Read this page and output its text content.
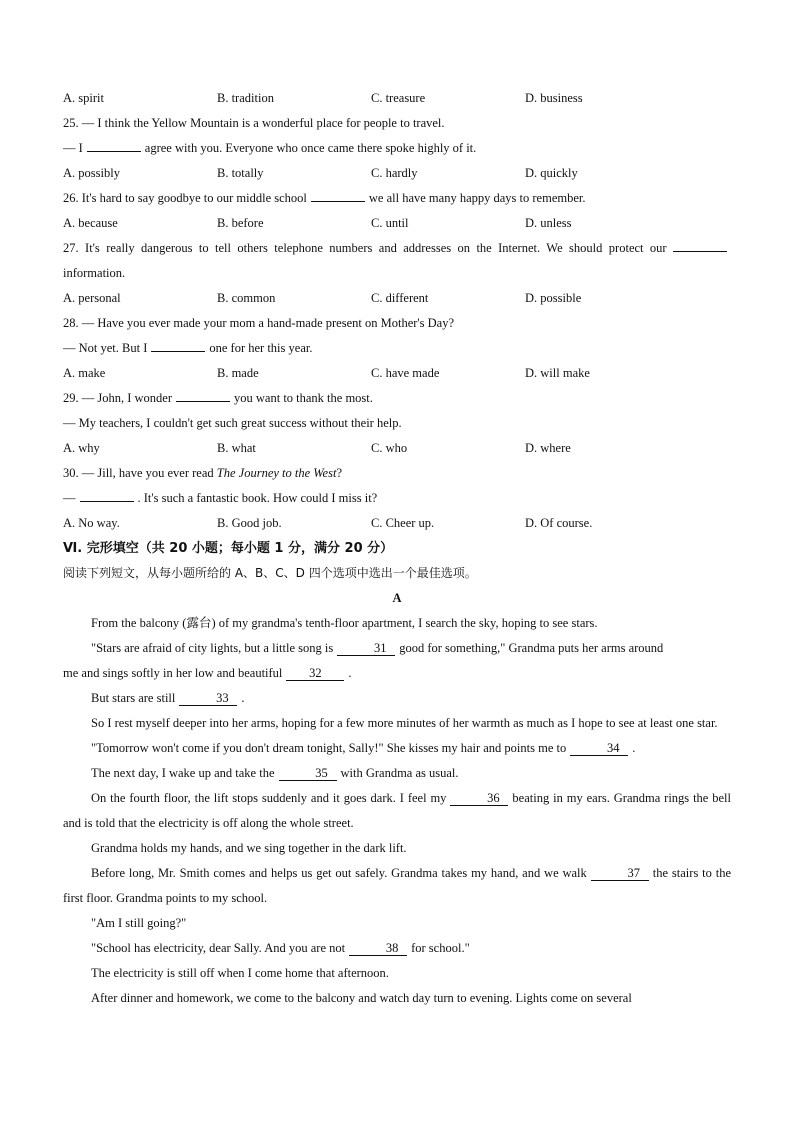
A. spirit	B. tradition	C. treasure	D. business
25. — I think the Yellow Mountain is a wonderful place for people to travel.
— I	agree with you. Everyone who once came there spoke highly of it.
A. possibly	B. totally	C. hardly	D. quickly
26. It's hard to say goodbye to our middle school	we all have many happy days to remember.
A. because	B. before	C. until	D. unless
27. It's really dangerous to tell others telephone numbers and addresses on the Internet. We should protect our information.
A. personal	B. common	C. different	D. possible
28. — Have you ever made your mom a hand-made present on Mother's Day?
— Not yet. But I	one for her this year.
A. make	B. made	C. have made	D. will make
29. — John, I wonder	you want to thank the most.
— My teachers, I couldn't get such great success without their help.
A. why	B. what	C. who	D. where
30. — Jill, have you ever read The Journey to the West?
—	. It's such a fantastic book. How could I miss it?
A. No way.	B. Good job.	C. Cheer up.	D. Of course.
Ⅵ. 完形填空（共 20 小题；每小题 1 分，满分 20 分）
阅读下列短文，从每小题所给的 A、B、C、D 四个选项中选出一个最佳选项。
A
From the balcony (露台) of my grandma's tenth-floor apartment, I search the sky, hoping to see stars.
"Stars are afraid of city lights, but a little song is	31 good for something," Grandma puts her arms around
me and sings softly in her low and beautiful 32 .
But stars are still	33 .
So I rest myself deeper into her arms, hoping for a few more minutes of her warmth as much as I hope to see at least one star.
"Tomorrow won't come if you don't dream tonight, Sally!" She kisses my hair and points me to	34 .
The next day, I wake up and take the	35 with Grandma as usual.
On the fourth floor, the lift stops suddenly and it goes dark. I feel my	36 beating in my ears. Grandma rings the bell and is told that the electricity is off along the whole street.
Grandma holds my hands, and we sing together in the dark lift.
Before long, Mr. Smith comes and helps us get out safely. Grandma takes my hand, and we walk	37 the stairs to the first floor. Grandma points to my school.
"Am I still going?"
"School has electricity, dear Sally. And you are not	38 for school."
The electricity is still off when I come home that afternoon.
After dinner and homework, we come to the balcony and watch day turn to evening. Lights come on several
